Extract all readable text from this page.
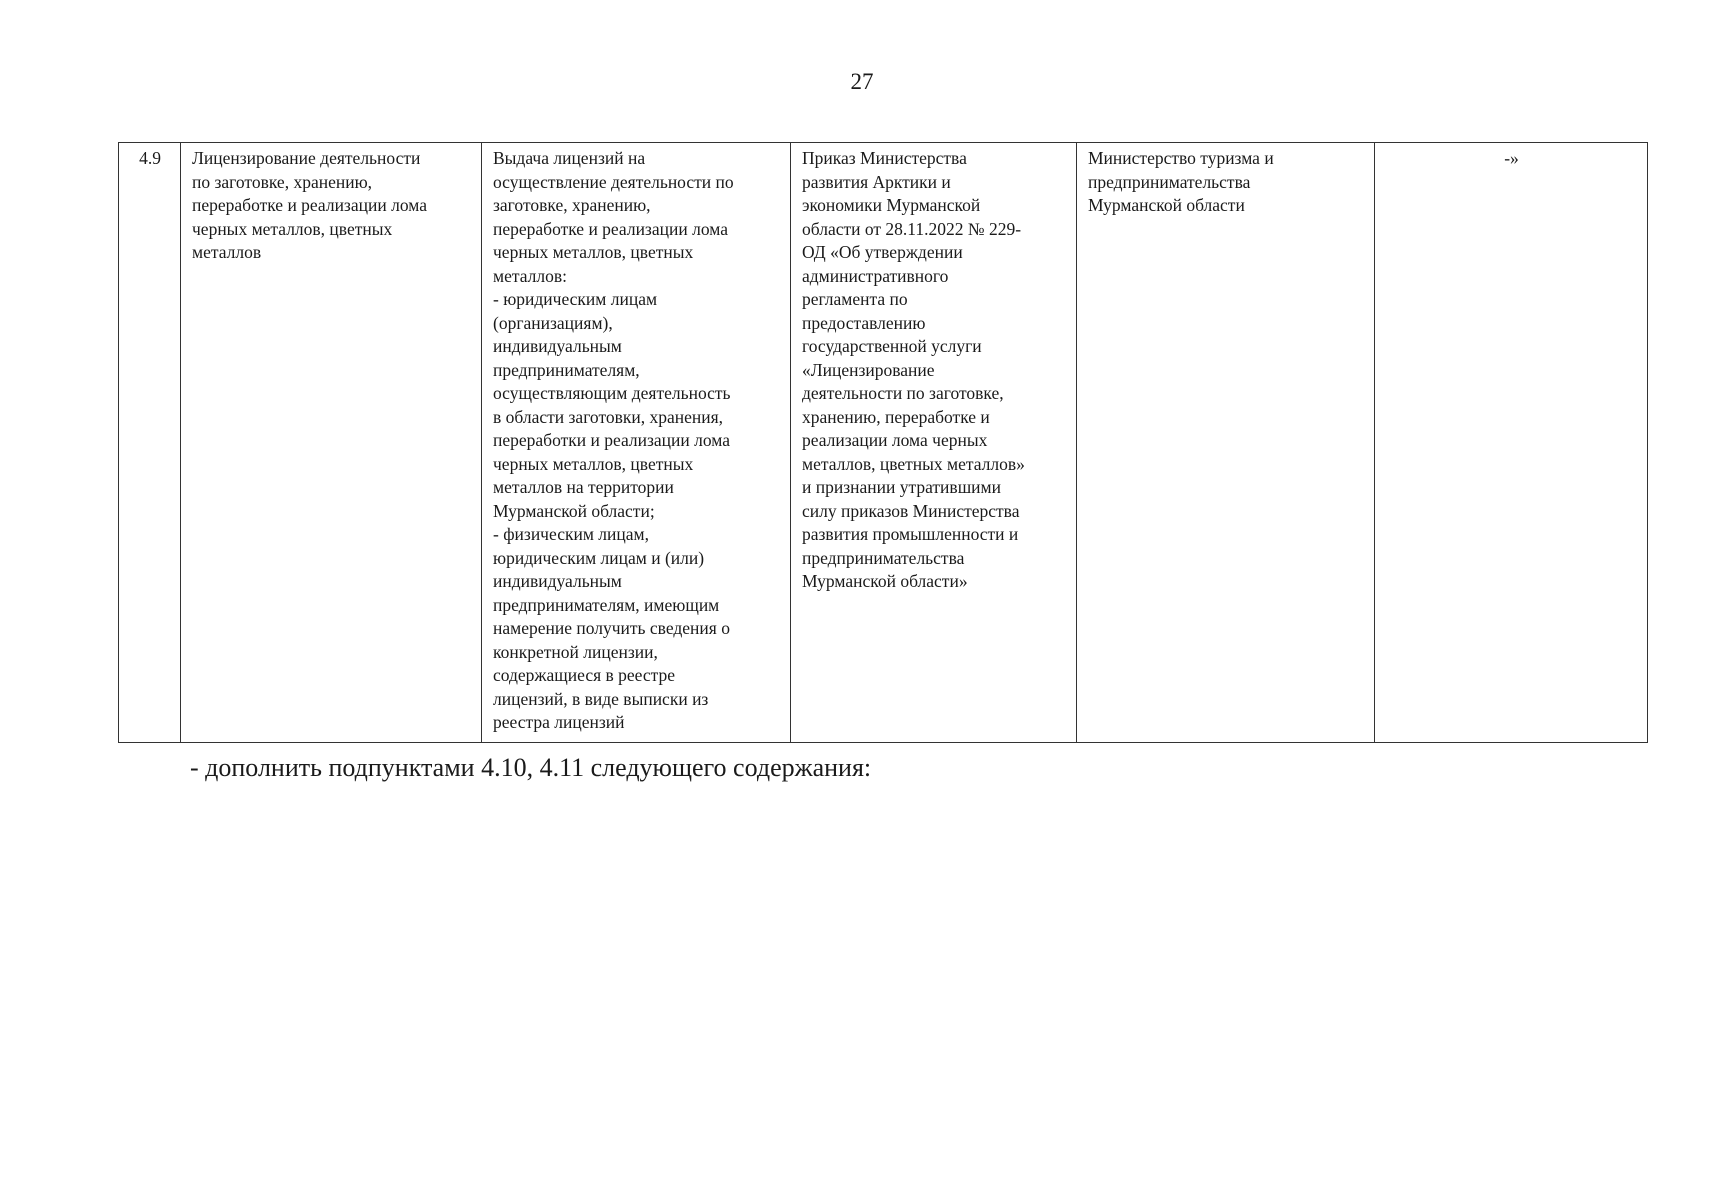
27
4.9	Лицензирование деятельности
по заготовке, хранению,
переработке и реализации лома
черных металлов, цветных
металлов	Выдача лицензий на
осуществление деятельности по
заготовке, хранению,
переработке и реализации лома
черных металлов, цветных
металлов:
- юридическим лицам
(организациям),
индивидуальным
предпринимателям,
осуществляющим деятельность
в области заготовки, хранения,
переработки и реализации лома
черных металлов, цветных
металлов на территории
Мурманской области;
- физическим лицам,
юридическим лицам и (или)
индивидуальным
предпринимателям, имеющим
намерение получить сведения о
конкретной лицензии,
содержащиеся в реестре
лицензий, в виде выписки из
реестра лицензий	Приказ Министерства
развития Арктики и
экономики Мурманской
области от 28.11.2022 № 229-
ОД «Об утверждении
административного
регламента по
предоставлению
государственной услуги
«Лицензирование
деятельности по заготовке,
хранению, переработке и
реализации лома черных
металлов, цветных металлов»
и признании утратившими
силу приказов Министерства
развития промышленности и
предпринимательства
Мурманской области»	Министерство туризма и
предпринимательства
Мурманской области	-»
- дополнить подпунктами 4.10, 4.11 следующего содержания:
